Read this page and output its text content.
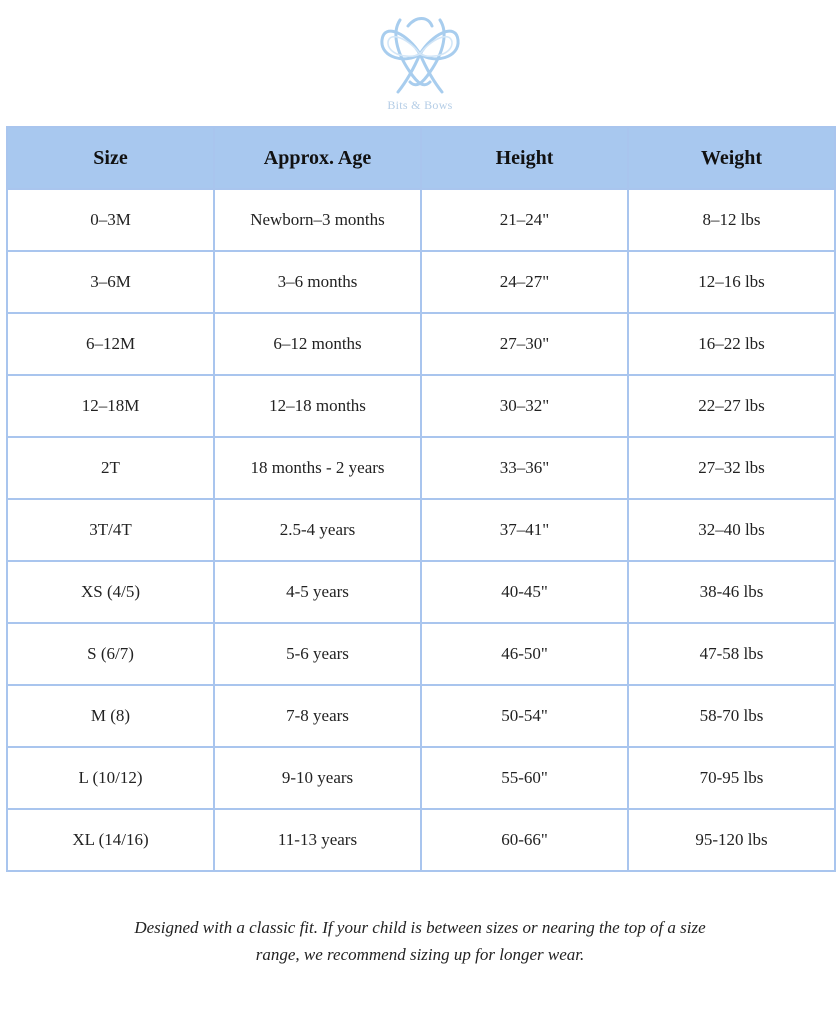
Bits & Bows
Size	Approx. Age	Height	Weight
0–3M	Newborn–3 months	21–24"	8–12 lbs
3–6M	3–6 months	24–27"	12–16 lbs
6–12M	6–12 months	27–30"	16–22 lbs
12–18M	12–18 months	30–32"	22–27 lbs
2T	18 months - 2 years	33–36"	27–32 lbs
3T/4T	2.5-4 years	37–41"	32–40 lbs
XS (4/5)	4-5 years	40-45"	38-46 lbs
S (6/7)	5-6 years	46-50"	47-58 lbs
M (8)	7-8 years	50-54"	58-70 lbs
L (10/12)	9-10 years	55-60"	70-95 lbs
XL (14/16)	11-13 years	60-66"	95-120 lbs
Designed with a classic fit. If your child is between sizes or nearing the top of a size
range, we recommend sizing up for longer wear.
